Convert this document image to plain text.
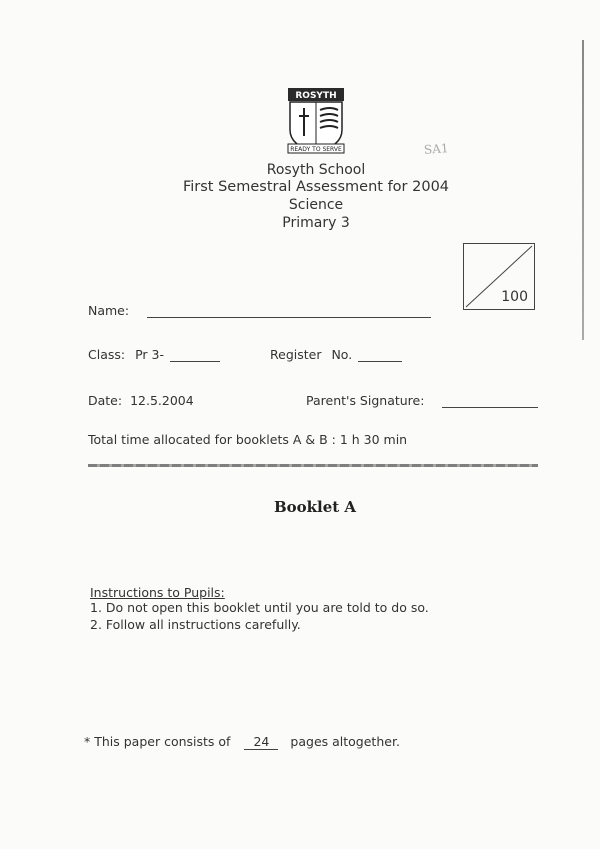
ROSYTH
READY TO SERVE	SA1
Rosyth School
First Semestral Assessment for 2004
Science
Primary 3
100
Name:
Class: Pr 3-	Register No.
Date: 12.5.2004	Parent's Signature:
Total time allocated for booklets A & B : 1 h 30 min
Booklet A
Instructions to Pupils:
1. Do not open this booklet until you are told to do so.
2. Follow all instructions carefully.
* This paper consists of 24 pages altogether.
